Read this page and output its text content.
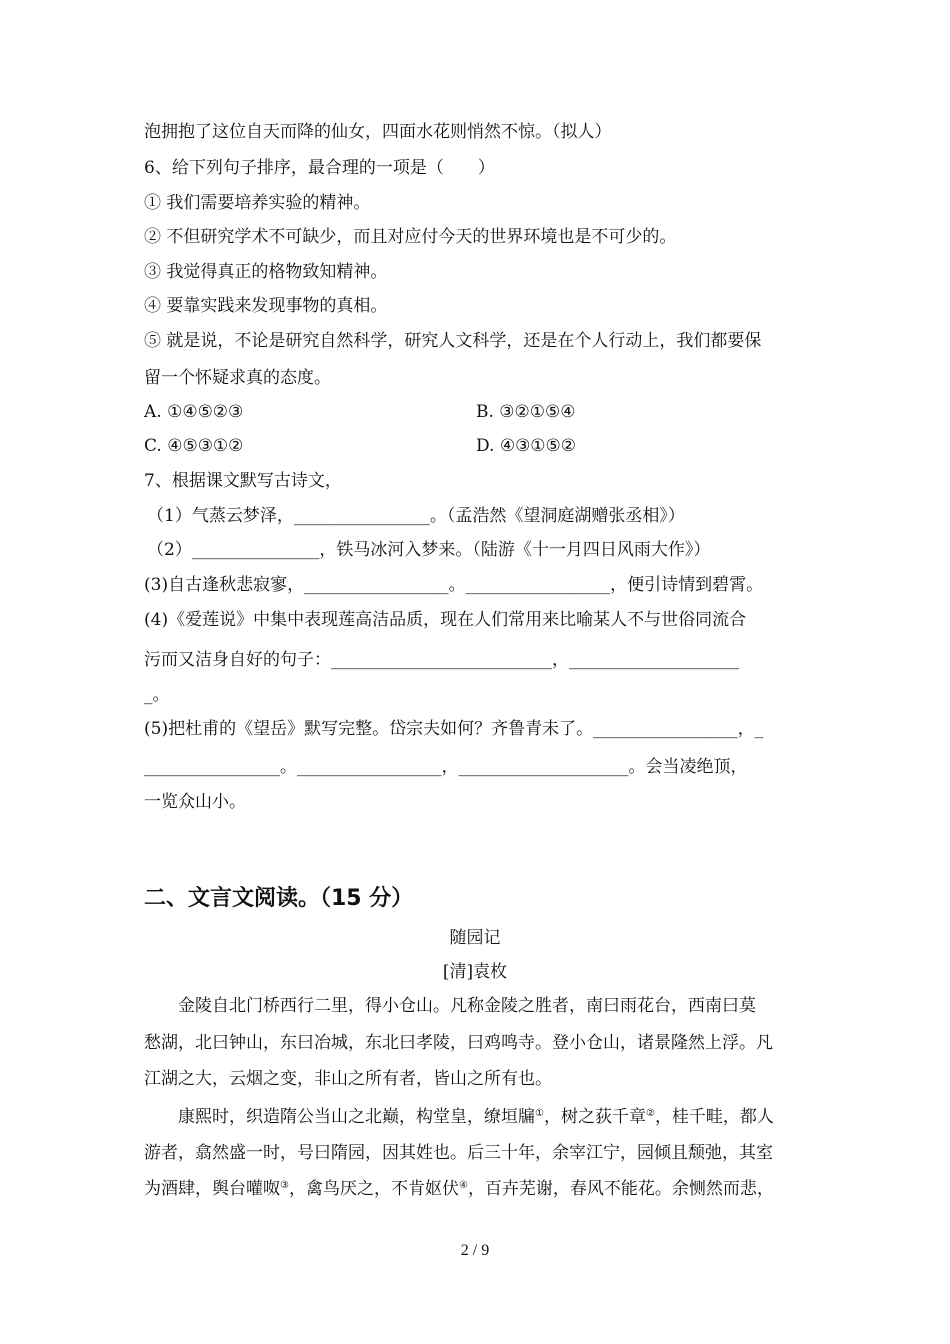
泡拥抱了这位自天而降的仙女，四面水花则悄然不惊。（拟人）
6、给下列句子排序，最合理的一项是（　　）
① 我们需要培养实验的精神。
② 不但研究学术不可缺少，而且对应付今天的世界环境也是不可少的。
③ 我觉得真正的格物致知精神。
④ 要靠实践来发现事物的真相。
⑤ 就是说，不论是研究自然科学，研究人文科学，还是在个人行动上，我们都要保
留一个怀疑求真的态度。
A. ①④⑤②③	B. ③②①⑤④
C. ④⑤③①②	D. ④③①⑤②
7、根据课文默写古诗文，
（1）气蒸云梦泽，________________。（孟浩然《望洞庭湖赠张丞相》）
（2）_______________，铁马冰河入梦来。（陆游《十一月四日风雨大作》）
(3)自古逢秋悲寂寥，_________________。_________________，便引诗情到碧霄。
(4)《爱莲说》中集中表现莲高洁品质，现在人们常用来比喻某人不与世俗同流合
污而又洁身自好的句子：__________________________，____________________
_。
(5)把杜甫的《望岳》默写完整。岱宗夫如何？齐鲁青未了。_________________，_
________________。_________________，____________________。会当凌绝顶，
一览众山小。
二、文言文阅读。（15 分）
随园记
[清]袁枚
金陵自北门桥西行二里，得小仓山。凡称金陵之胜者，南曰雨花台，西南曰莫
愁湖，北曰钟山，东曰冶城，东北曰孝陵，曰鸡鸣寺。登小仓山，诸景隆然上浮。凡
江湖之大，云烟之变，非山之所有者，皆山之所有也。
康熙时，织造隋公当山之北巅，构堂皇，缭垣牖①，树之荻千章②，桂千畦，都人
游者，翕然盛一时，号曰隋园，因其姓也。后三十年，余宰江宁，园倾且颓弛，其室
为酒肆，舆台嚾呶③，禽鸟厌之，不肯妪伏④，百卉芜谢，春风不能花。余恻然而悲，
2 / 9
